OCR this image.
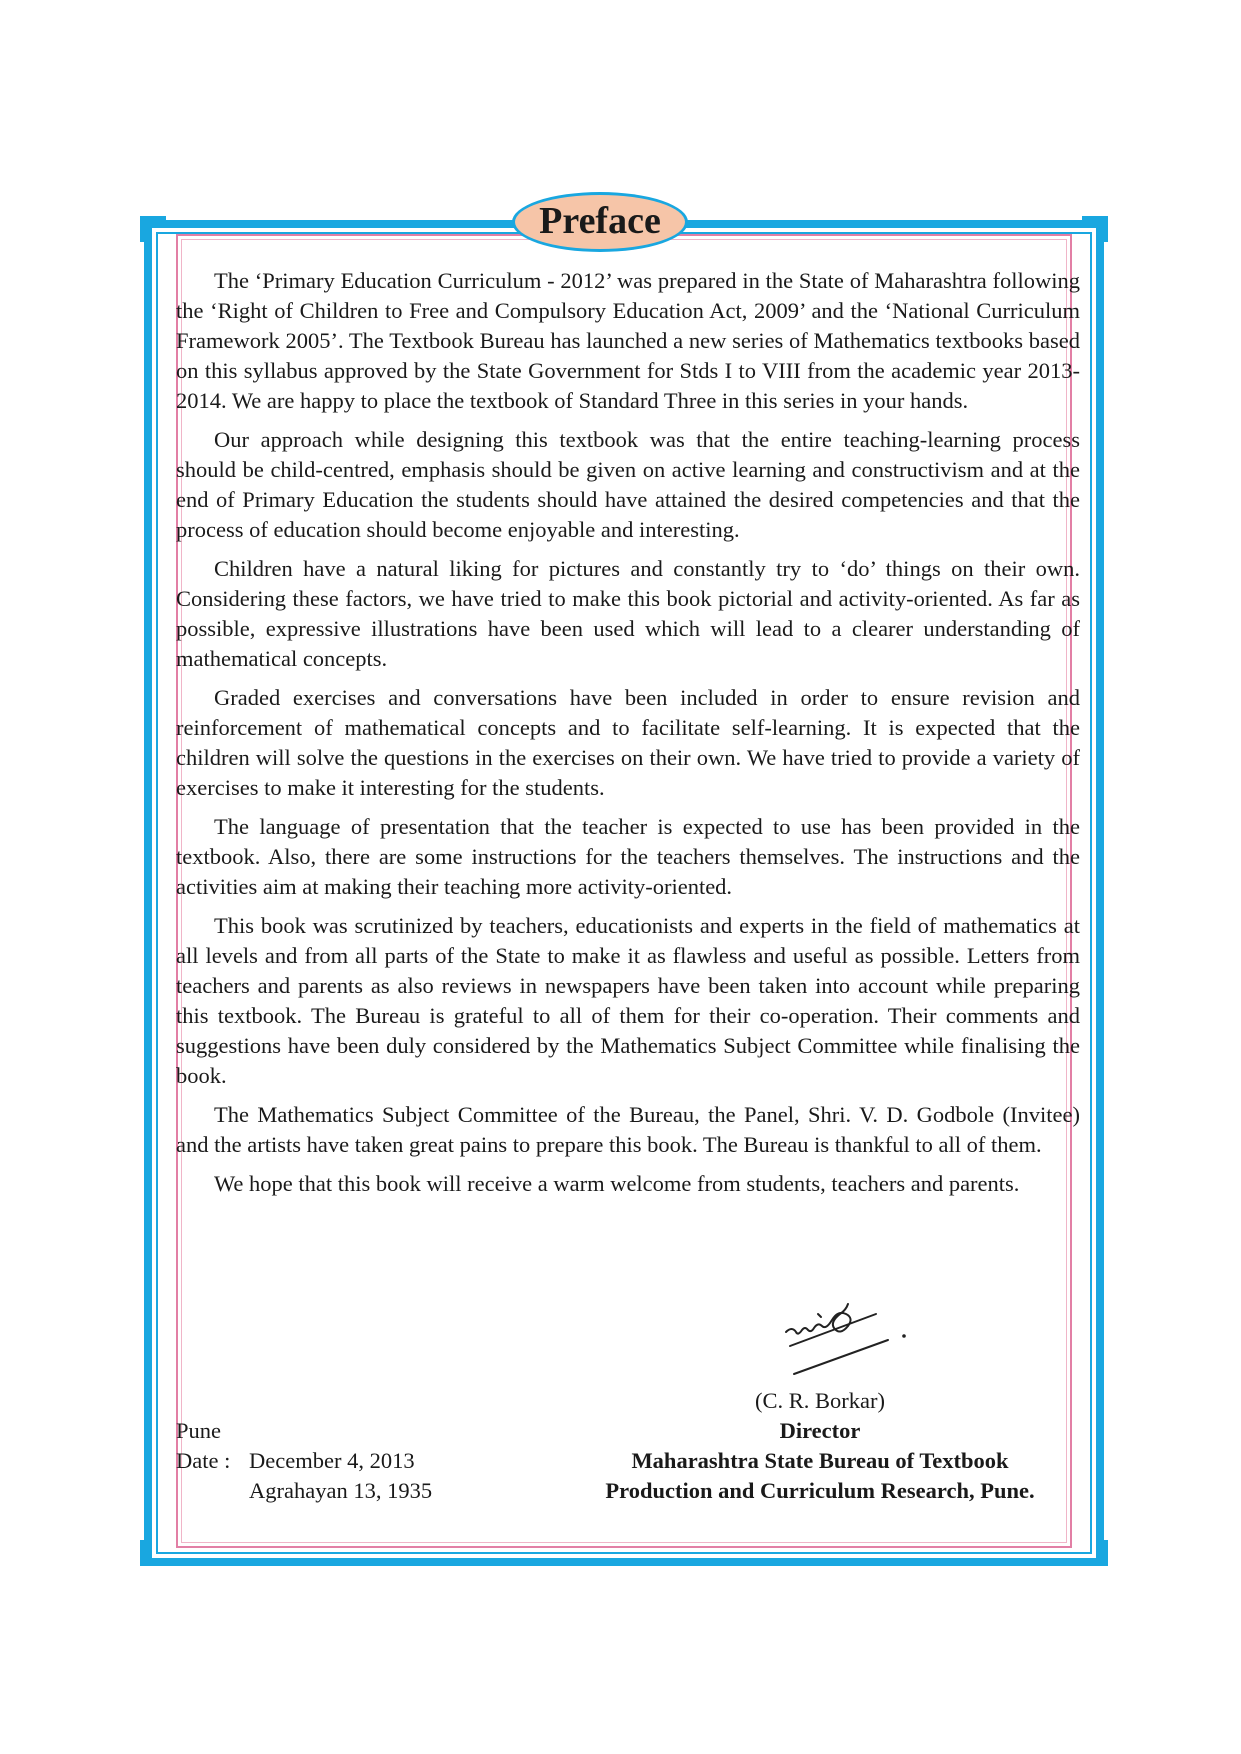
Preface

The ‘Primary Education Curriculum - 2012’ was prepared in the State of Maharashtra following the ‘Right of Children to Free and Compulsory Education Act, 2009’ and the ‘National Curriculum Framework 2005’. The Textbook Bureau has launched a new series of Mathematics textbooks based on this syllabus approved by the State Government for Stds I to VIII from the academic year 2013-2014. We are happy to place the textbook of Standard Three in this series in your hands.

Our approach while designing this textbook was that the entire teaching-learning process should be child-centred, emphasis should be given on active learning and constructivism and at the end of Primary Education the students should have attained the desired competencies and that the process of education should become enjoyable and interesting.

Children have a natural liking for pictures and constantly try to ‘do’ things on their own. Considering these factors, we have tried to make this book pictorial and activity-oriented. As far as possible, expressive illustrations have been used which will lead to a clearer understanding of mathematical concepts.

Graded exercises and conversations have been included in order to ensure revision and reinforcement of mathematical concepts and to facilitate self-learning. It is expected that the children will solve the questions in the exercises on their own. We have tried to provide a variety of exercises to make it interesting for the students.

The language of presentation that the teacher is expected to use has been provided in the textbook. Also, there are some instructions for the teachers themselves. The instructions and the activities aim at making their teaching more activity-oriented.

This book was scrutinized by teachers, educationists and experts in the field of mathematics at all levels and from all parts of the State to make it as flawless and useful as possible. Letters from teachers and parents as also reviews in newspapers have been taken into account while preparing this textbook. The Bureau is grateful to all of them for their co-operation. Their comments and suggestions have been duly considered by the Mathematics Subject Committee while finalising the book.

The Mathematics Subject Committee of the Bureau, the Panel, Shri. V. D. Godbole (Invitee) and the artists have taken great pains to prepare this book. The Bureau is thankful to all of them.

We hope that this book will receive a warm welcome from students, teachers and parents.

Pune
Date : December 4, 2013
Agrahayan 13, 1935
(C. R. Borkar)
Director
Maharashtra State Bureau of Textbook
Production and Curriculum Research, Pune.
